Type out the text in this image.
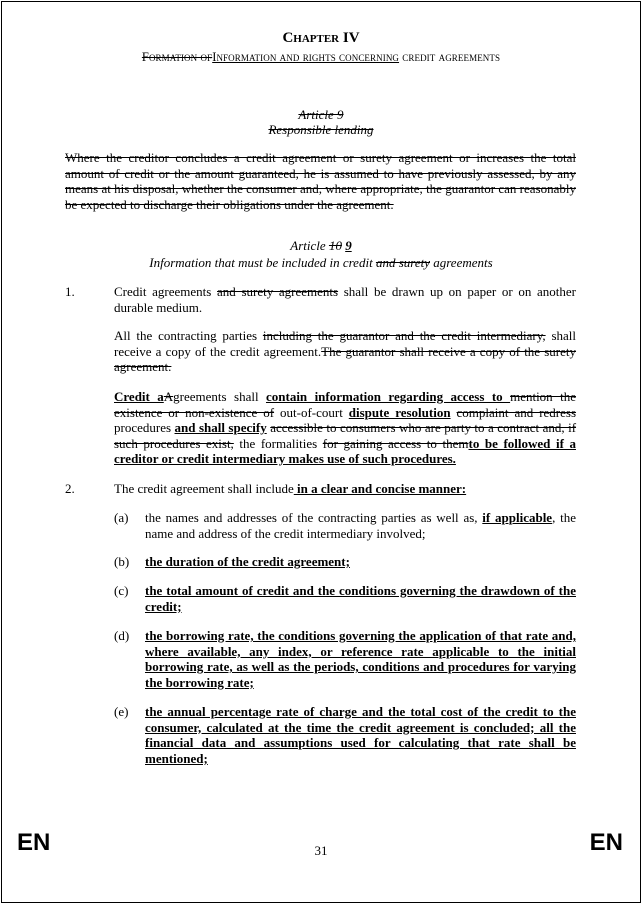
Chapter IV
Formation ofInformation and rights concerning credit agreements
Article 9
Responsible lending
Where the creditor concludes a credit agreement or surety agreement or increases the total amount of credit or the amount guaranteed, he is assumed to have previously assessed, by any means at his disposal, whether the consumer and, where appropriate, the guarantor can reasonably be expected to discharge their obligations under the agreement.
Article 10 9
Information that must be included in credit and surety agreements
1.	Credit agreements and surety agreements shall be drawn up on paper or on another durable medium.
All the contracting parties including the guarantor and the credit intermediary, shall receive a copy of the credit agreement.The guarantor shall receive a copy of the surety agreement.
Credit aAgreements shall contain information regarding access to mention the existence or non-existence of out-of-court dispute resolution complaint and redress procedures and shall specify accessible to consumers who are party to a contract and, if such procedures exist, the formalities for gaining access to themto be followed if a creditor or credit intermediary makes use of such procedures.
2.	The credit agreement shall include in a clear and concise manner:
(a) the names and addresses of the contracting parties as well as, if applicable, the name and address of the credit intermediary involved;
(b) the duration of the credit agreement;
(c) the total amount of credit and the conditions governing the drawdown of the credit;
(d) the borrowing rate, the conditions governing the application of that rate and, where available, any index, or reference rate applicable to the initial borrowing rate, as well as the periods, conditions and procedures for varying the borrowing rate;
(e) the annual percentage rate of charge and the total cost of the credit to the consumer, calculated at the time the credit agreement is concluded; all the financial data and assumptions used for calculating that rate shall be mentioned;
EN	EN
31
